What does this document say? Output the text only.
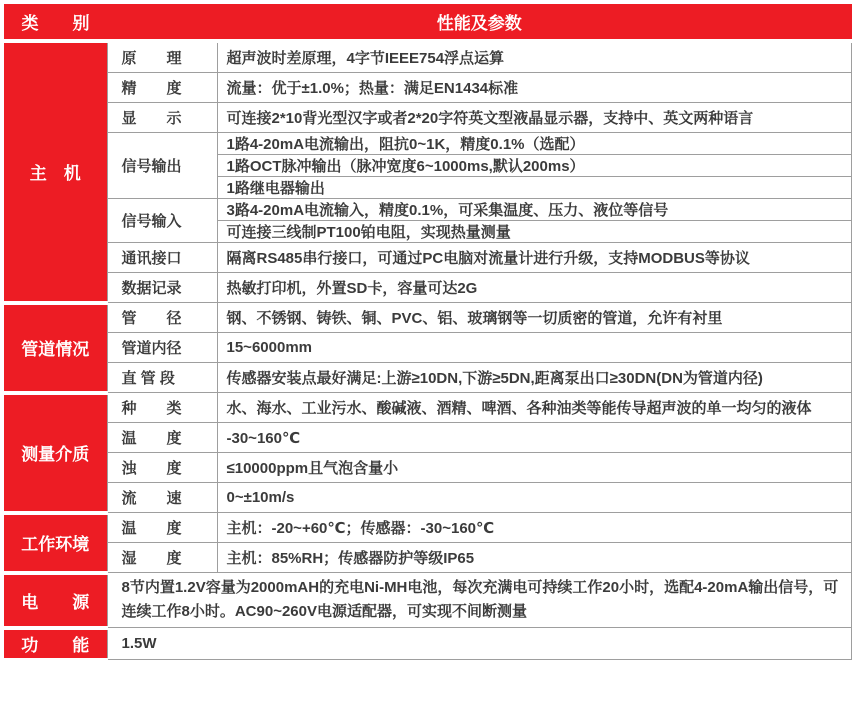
类　　别	性能及参数	
主　机	原　　理	超声波时差原理，4字节IEEE754浮点运算
	精　　度	流量：优于±1.0%；热量：满足EN1434标准
	显　　示	可连接2*10背光型汉字或者2*20字符英文型液晶显示器，支持中、英文两种语言
	信号输出	1路4-20mA电流输出，阻抗0~1K，精度0.1%（选配）
		1路OCT脉冲输出（脉冲宽度6~1000ms,默认200ms）
		1路继电器输出
	信号输入	3路4-20mA电流输入，精度0.1%，可采集温度、压力、液位等信号
		可连接三线制PT100铂电阻，实现热量测量
	通讯接口	隔离RS485串行接口，可通过PC电脑对流量计进行升级，支持MODBUS等协议
	数据记录	热敏打印机，外置SD卡，容量可达2G
管道情况	管　　径	钢、不锈钢、铸铁、铜、PVC、铝、玻璃钢等一切质密的管道，允许有衬里
	管道内径	15~6000mm
	直 管 段	传感器安装点最好满足:上游≥10DN,下游≥5DN,距离泵出口≥30DN(DN为管道内径)
测量介质	种　　类	水、海水、工业污水、酸碱液、酒精、啤酒、各种油类等能传导超声波的单一均匀的液体
	温　　度	-30~160℃
	浊　　度	≤10000ppm且气泡含量小
	流　　速	0~±10m/s
工作环境	温　　度	主机：-20~+60℃；传感器：-30~160℃
	湿　　度	主机：85%RH；传感器防护等级IP65
电　　源	8节内置1.2V容量为2000mAH的充电Ni-MH电池，每次充满电可持续工作20小时，选配4-20mA输出信号，可连续工作8小时。AC90~260V电源适配器，可实现不间断测量	
功　　能	1.5W	
